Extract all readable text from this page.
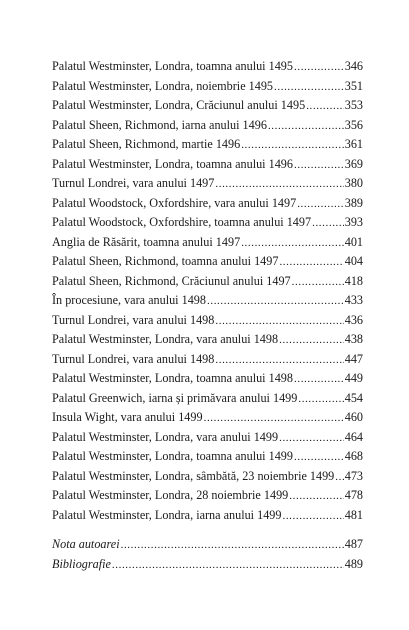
Palatul Westminster, Londra, toamna anului 1495 .....	346
Palatul Westminster, Londra, noiembrie 1495 .....	351
Palatul Westminster, Londra, Crăciunul anului 1495 .....	353
Palatul Sheen, Richmond, iarna anului 1496 .....	356
Palatul Sheen, Richmond, martie 1496 .....	361
Palatul Westminster, Londra, toamna anului 1496 .....	369
Turnul Londrei, vara anului 1497 .....	380
Palatul Woodstock, Oxfordshire, vara anului 1497 .....	389
Palatul Woodstock, Oxfordshire, toamna anului 1497 .....	393
Anglia de Răsărit, toamna anului 1497 .....	401
Palatul Sheen, Richmond, toamna anului 1497 .....	404
Palatul Sheen, Richmond, Crăciunul anului 1497 .....	418
În procesiune, vara anului 1498 .....	433
Turnul Londrei, vara anului 1498 .....	436
Palatul Westminster, Londra, vara anului 1498 .....	438
Turnul Londrei, vara anului 1498 .....	447
Palatul Westminster, Londra, toamna anului 1498 .....	449
Palatul Greenwich, iarna și primăvara anului 1499 .....	454
Insula Wight, vara anului 1499 .....	460
Palatul Westminster, Londra, vara anului 1499 .....	464
Palatul Westminster, Londra, toamna anului 1499 .....	468
Palatul Westminster, Londra, sâmbătă, 23 noiembrie 1499 ..... 473
Palatul Westminster, Londra, 28 noiembrie 1499 .....	478
Palatul Westminster, Londra, iarna anului 1499 .....	481
Nota autoarei .....	487
Bibliografie .....	489
